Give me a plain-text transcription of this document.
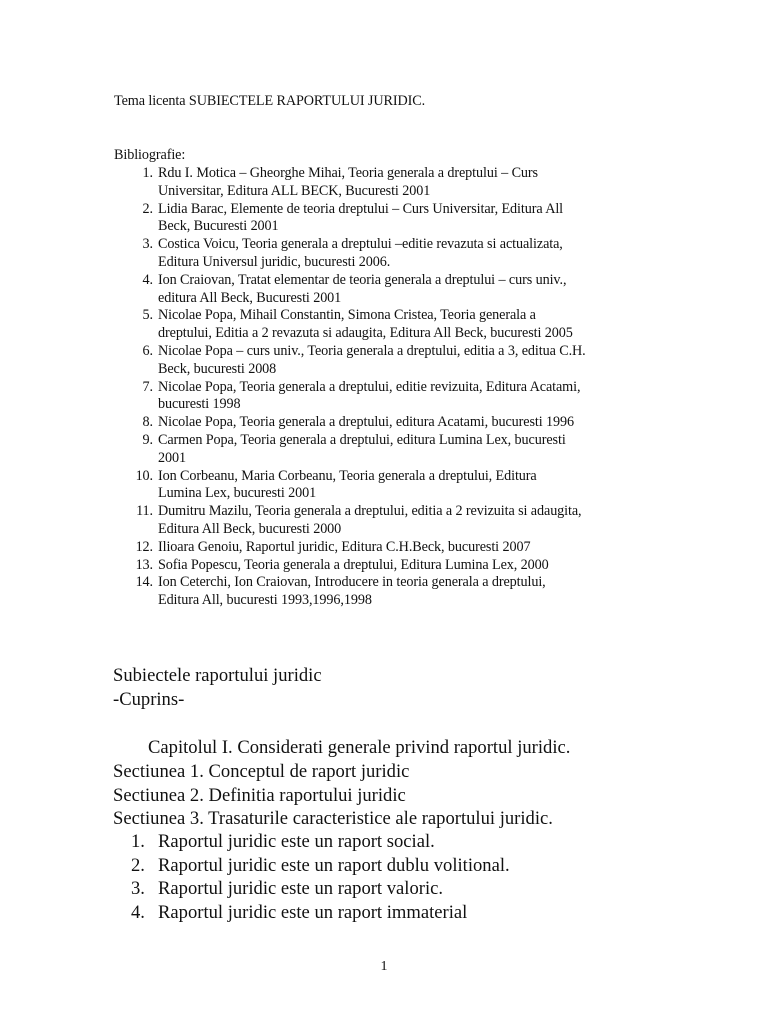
Tema licenta SUBIECTELE RAPORTULUI JURIDIC.
Bibliografie:
1. Rdu I. Motica – Gheorghe Mihai, Teoria generala a dreptului – Curs
Universitar, Editura ALL BECK, Bucuresti 2001
2. Lidia Barac, Elemente de teoria dreptului – Curs Universitar, Editura All
Beck, Bucuresti 2001
3. Costica Voicu, Teoria generala a dreptului –editie revazuta si actualizata,
Editura Universul juridic, bucuresti 2006.
4. Ion Craiovan, Tratat elementar de teoria generala a dreptului – curs univ.,
editura All Beck, Bucuresti 2001
5. Nicolae Popa, Mihail Constantin, Simona Cristea, Teoria generala a
dreptului, Editia a 2 revazuta si adaugita, Editura All Beck, bucuresti 2005
6. Nicolae Popa – curs univ., Teoria generala a dreptului, editia a 3, editua C.H.
Beck, bucuresti 2008
7. Nicolae Popa, Teoria generala a dreptului, editie revizuita, Editura Acatami,
bucuresti 1998
8. Nicolae Popa, Teoria generala a dreptului, editura Acatami, bucuresti 1996
9. Carmen Popa, Teoria generala a dreptului, editura Lumina Lex, bucuresti
2001
10. Ion Corbeanu, Maria Corbeanu, Teoria generala a dreptului, Editura
Lumina Lex, bucuresti 2001
11. Dumitru Mazilu, Teoria generala a dreptului, editia a 2 revizuita si adaugita,
Editura All Beck, bucuresti 2000
12. Ilioara Genoiu, Raportul juridic, Editura C.H.Beck, bucuresti 2007
13. Sofia Popescu, Teoria generala a dreptului, Editura Lumina Lex, 2000
14. Ion Ceterchi, Ion Craiovan, Introducere in teoria generala a dreptului,
Editura All, bucuresti 1993,1996,1998
Subiectele raportului juridic
-Cuprins-
Capitolul I. Considerati generale privind raportul juridic.
Sectiunea 1. Conceptul de raport juridic
Sectiunea 2. Definitia raportului juridic
Sectiunea 3. Trasaturile caracteristice ale raportului juridic.
1. Raportul juridic este un raport social.
2. Raportul juridic este un raport dublu volitional.
3. Raportul juridic este un raport valoric.
4. Raportul juridic este un raport immaterial
1
